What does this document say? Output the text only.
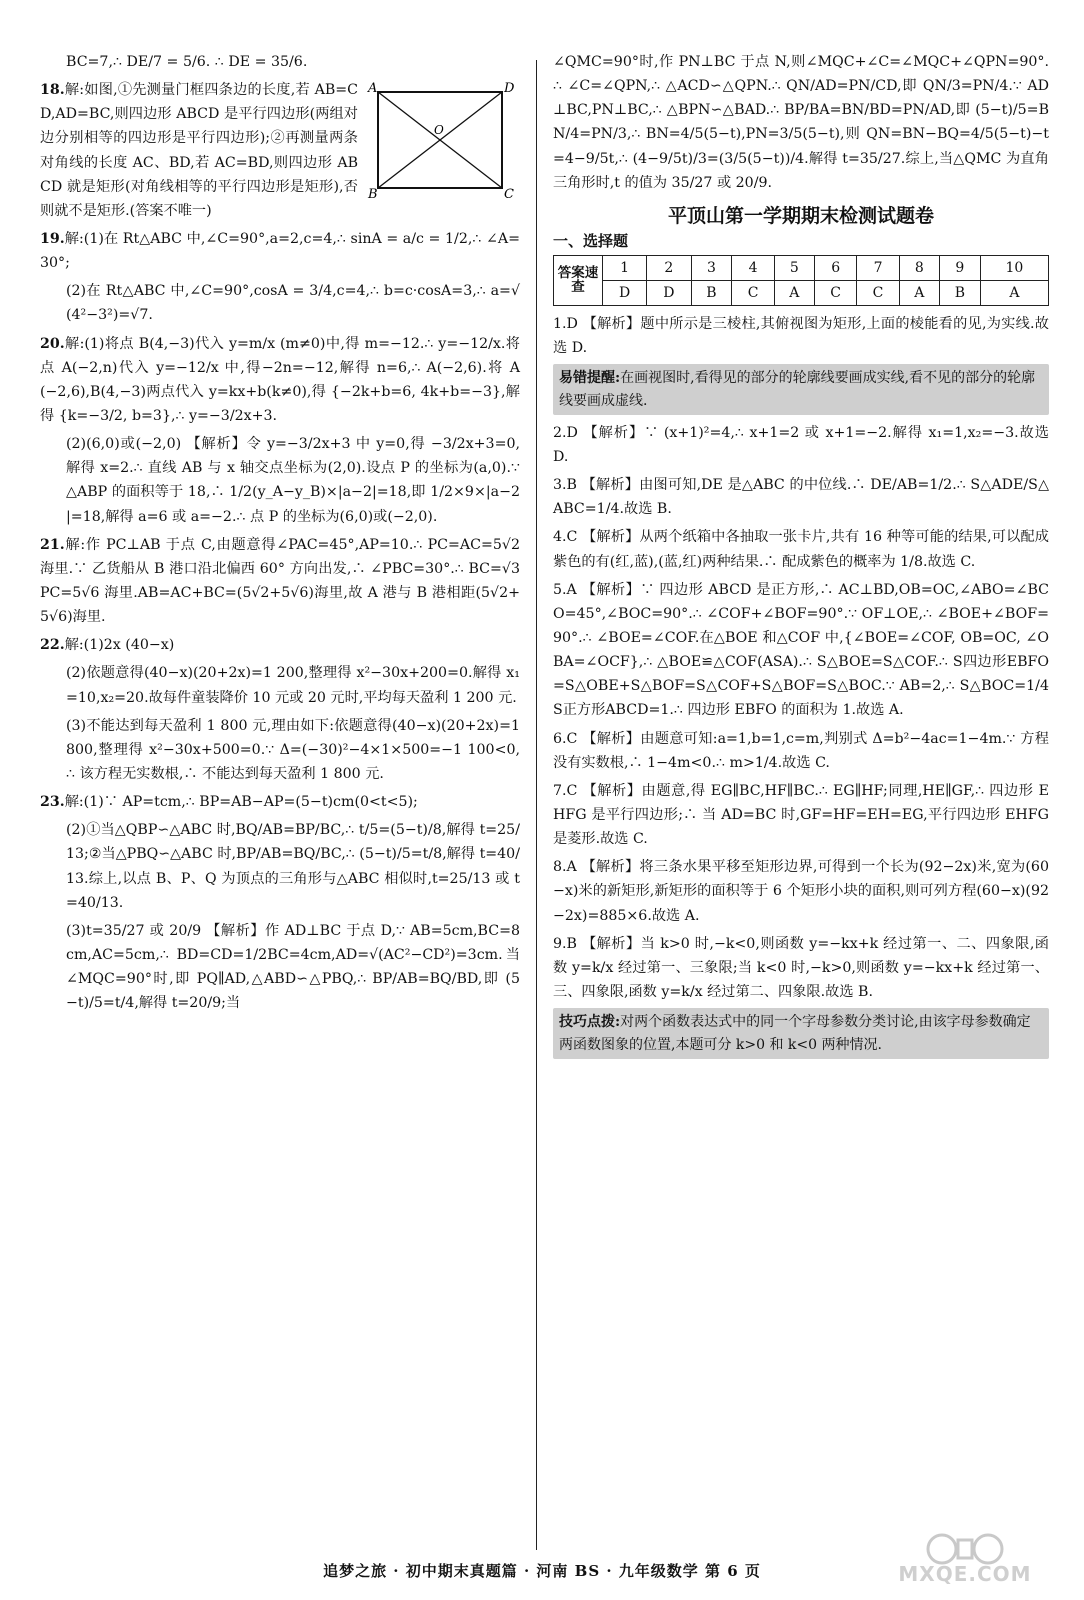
BC=7,∴ DE/7 = 5/6. ∴ DE = 35/6.

A	D
B	C
O

18.解:如图,①先测量门框四条边的长度,若 AB=CD,AD=BC,则四边形 ABCD 是平行四边形(两组对边分别相等的四边形是平行四边形);②再测量两条对角线的长度 AC、BD,若 AC=BD,则四边形 ABCD 就是矩形(对角线相等的平行四边形是矩形),否则就不是矩形.(答案不唯一)

19.解:(1)在 Rt△ABC 中,∠C=90°,a=2,c=4,∴ sinA = a/c = 1/2,∴ ∠A=30°;

(2)在 Rt△ABC 中,∠C=90°,cosA = 3/4,c=4,∴ b=c·cosA=3,∴ a=√(4²−3²)=√7.

20.解:(1)将点 B(4,−3)代入 y=m/x (m≠0)中,得 m=−12.∴ y=−12/x.将点 A(−2,n)代入 y=−12/x 中,得−2n=−12,解得 n=6,∴ A(−2,6).将 A(−2,6),B(4,−3)两点代入 y=kx+b(k≠0),得 {−2k+b=6, 4k+b=−3},解得 {k=−3/2, b=3},∴ y=−3/2x+3.

(2)(6,0)或(−2,0) 【解析】令 y=−3/2x+3 中 y=0,得 −3/2x+3=0,解得 x=2.∴ 直线 AB 与 x 轴交点坐标为(2,0).设点 P 的坐标为(a,0).∵ △ABP 的面积等于 18,∴ 1/2(y_A−y_B)×|a−2|=18,即 1/2×9×|a−2|=18,解得 a=6 或 a=−2.∴ 点 P 的坐标为(6,0)或(−2,0).

21.解:作 PC⊥AB 于点 C,由题意得∠PAC=45°,AP=10.∴ PC=AC=5√2 海里.∵ 乙货船从 B 港口沿北偏西 60° 方向出发,∴ ∠PBC=30°.∴ BC=√3PC=5√6 海里.AB=AC+BC=(5√2+5√6)海里,故 A 港与 B 港相距(5√2+5√6)海里.

22.解:(1)2x (40−x)

(2)依题意得(40−x)(20+2x)=1 200,整理得 x²−30x+200=0.解得 x₁=10,x₂=20.故每件童装降价 10 元或 20 元时,平均每天盈利 1 200 元.

(3)不能达到每天盈利 1 800 元,理由如下:依题意得(40−x)(20+2x)=1 800,整理得 x²−30x+500=0.∵ Δ=(−30)²−4×1×500=−1 100<0,∴ 该方程无实数根,∴ 不能达到每天盈利 1 800 元.

23.解:(1)∵ AP=tcm,∴ BP=AB−AP=(5−t)cm(0<t<5);

(2)①当△QBP∽△ABC 时,BQ/AB=BP/BC,∴ t/5=(5−t)/8,解得 t=25/13;②当△PBQ∽△ABC 时,BP/AB=BQ/BC,∴ (5−t)/5=t/8,解得 t=40/13.综上,以点 B、P、Q 为顶点的三角形与△ABC 相似时,t=25/13 或 t=40/13.

(3)t=35/27 或 20/9 【解析】作 AD⊥BC 于点 D,∵ AB=5cm,BC=8cm,AC=5cm,∴ BD=CD=1/2BC=4cm,AD=√(AC²−CD²)=3cm.当∠MQC=90°时,即 PQ∥AD,△ABD∽△PBQ,∴ BP/AB=BQ/BD,即 (5−t)/5=t/4,解得 t=20/9;当

∠QMC=90°时,作 PN⊥BC 于点 N,则∠MQC+∠C=∠MQC+∠QPN=90°.∴ ∠C=∠QPN,∴ △ACD∽△QPN.∴ QN/AD=PN/CD,即 QN/3=PN/4.∵ AD⊥BC,PN⊥BC,∴ △BPN∽△BAD.∴ BP/BA=BN/BD=PN/AD,即 (5−t)/5=BN/4=PN/3,∴ BN=4/5(5−t),PN=3/5(5−t),则 QN=BN−BQ=4/5(5−t)−t=4−9/5t,∴ (4−9/5t)/3=(3/5(5−t))/4.解得 t=35/27.综上,当△QMC 为直角三角形时,t 的值为 35/27 或 20/9.

平顶山第一学期期末检测试题卷
一、选择题
答案速查	1	2	3	4	5	6	7	8	9	10
	D	D	B	C	A	C	C	A	B	A

1.D 【解析】题中所示是三棱柱,其俯视图为矩形,上面的棱能看的见,为实线.故选 D.

易错提醒:在画视图时,看得见的部分的轮廓线要画成实线,看不见的部分的轮廓线要画成虚线.

2.D 【解析】∵ (x+1)²=4,∴ x+1=2 或 x+1=−2.解得 x₁=1,x₂=−3.故选 D.

3.B 【解析】由图可知,DE 是△ABC 的中位线.∴ DE/AB=1/2.∴ S△ADE/S△ABC=1/4.故选 B.

4.C 【解析】从两个纸箱中各抽取一张卡片,共有 16 种等可能的结果,可以配成紫色的有(红,蓝),(蓝,红)两种结果.∴ 配成紫色的概率为 1/8.故选 C.

5.A 【解析】∵ 四边形 ABCD 是正方形,∴ AC⊥BD,OB=OC,∠ABO=∠BCO=45°,∠BOC=90°.∴ ∠COF+∠BOF=90°.∵ OF⊥OE,∴ ∠BOE+∠BOF=90°.∴ ∠BOE=∠COF.在△BOE 和△COF 中,{∠BOE=∠COF, OB=OC, ∠OBA=∠OCF},∴ △BOE≌△COF(ASA).∴ S△BOE=S△COF.∴ S四边形EBFO=S△OBE+S△BOF=S△COF+S△BOF=S△BOC.∵ AB=2,∴ S△BOC=1/4S正方形ABCD=1.∴ 四边形 EBFO 的面积为 1.故选 A.

6.C 【解析】由题意可知:a=1,b=1,c=m,判别式 Δ=b²−4ac=1−4m.∵ 方程没有实数根,∴ 1−4m<0.∴ m>1/4.故选 C.

7.C 【解析】由题意,得 EG∥BC,HF∥BC.∴ EG∥HF;同理,HE∥GF,∴ 四边形 EHFG 是平行四边形;∴ 当 AD=BC 时,GF=HF=EH=EG,平行四边形 EHFG 是菱形.故选 C.

8.A 【解析】将三条水果平移至矩形边界,可得到一个长为(92−2x)米,宽为(60−x)米的新矩形,新矩形的面积等于 6 个矩形小块的面积,则可列方程(60−x)(92−2x)=885×6.故选 A.

9.B 【解析】当 k>0 时,−k<0,则函数 y=−kx+k 经过第一、二、四象限,函数 y=k/x 经过第一、三象限;当 k<0 时,−k>0,则函数 y=−kx+k 经过第一、三、四象限,函数 y=k/x 经过第二、四象限.故选 B.

技巧点拨:对两个函数表达式中的同一个字母参数分类讨论,由该字母参数确定两函数图象的位置,本题可分 k>0 和 k<0 两种情况.
追梦之旅 · 初中期末真题篇 · 河南 BS · 九年级数学 第 6 页	MXQE.COM
